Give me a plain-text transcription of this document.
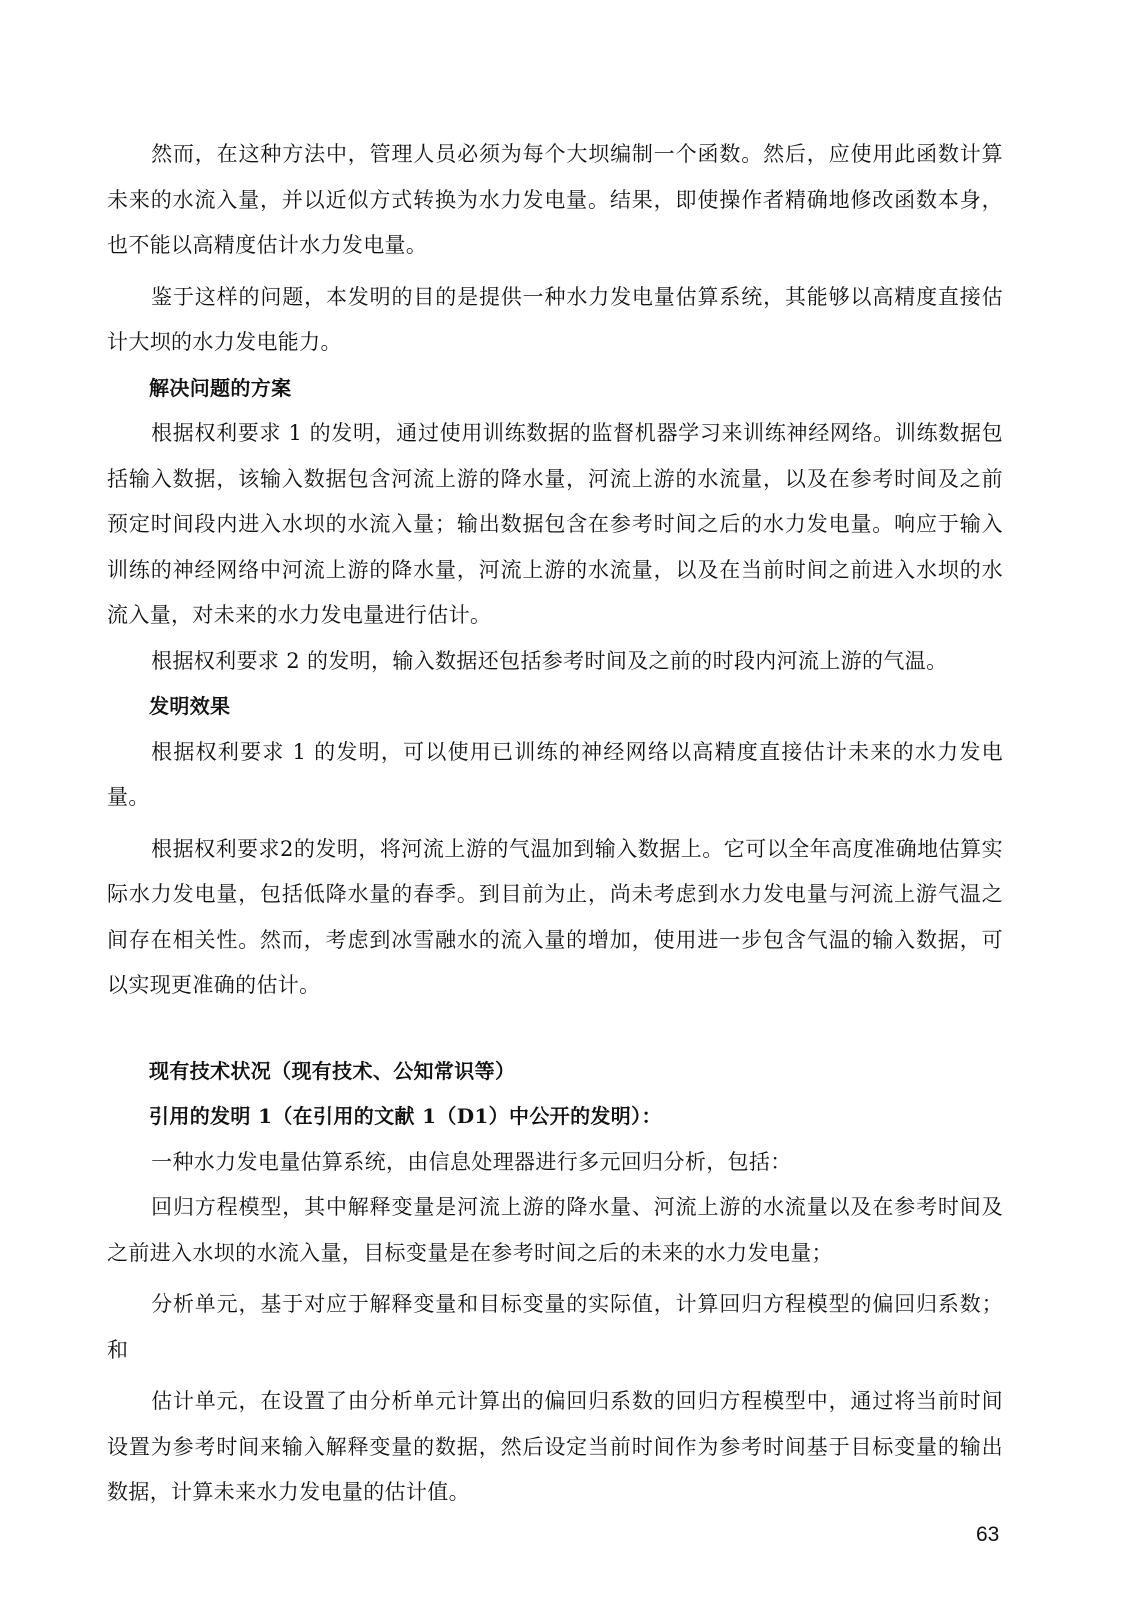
然而，在这种方法中，管理人员必须为每个大坝编制一个函数。然后，应使用此函数计算未来的水流入量，并以近似方式转换为水力发电量。结果，即使操作者精确地修改函数本身，也不能以高精度估计水力发电量。

鉴于这样的问题，本发明的目的是提供一种水力发电量估算系统，其能够以高精度直接估计大坝的水力发电能力。

解决问题的方案

根据权利要求 1 的发明，通过使用训练数据的监督机器学习来训练神经网络。训练数据包括输入数据，该输入数据包含河流上游的降水量，河流上游的水流量，以及在参考时间及之前预定时间段内进入水坝的水流入量；输出数据包含在参考时间之后的水力发电量。响应于输入训练的神经网络中河流上游的降水量，河流上游的水流量，以及在当前时间之前进入水坝的水流入量，对未来的水力发电量进行估计。

根据权利要求 2 的发明，输入数据还包括参考时间及之前的时段内河流上游的气温。

发明效果

根据权利要求 1 的发明，可以使用已训练的神经网络以高精度直接估计未来的水力发电量。

根据权利要求2的发明，将河流上游的气温加到输入数据上。它可以全年高度准确地估算实际水力发电量，包括低降水量的春季。到目前为止，尚未考虑到水力发电量与河流上游气温之间存在相关性。然而，考虑到冰雪融水的流入量的增加，使用进一步包含气温的输入数据，可以实现更准确的估计。

现有技术状况（现有技术、公知常识等）

引用的发明 1（在引用的文献 1（D1）中公开的发明）：

一种水力发电量估算系统，由信息处理器进行多元回归分析，包括：

回归方程模型，其中解释变量是河流上游的降水量、河流上游的水流量以及在参考时间及之前进入水坝的水流入量，目标变量是在参考时间之后的未来的水力发电量；

分析单元，基于对应于解释变量和目标变量的实际值，计算回归方程模型的偏回归系数；和

估计单元，在设置了由分析单元计算出的偏回归系数的回归方程模型中，通过将当前时间设置为参考时间来输入解释变量的数据，然后设定当前时间作为参考时间基于目标变量的输出数据，计算未来水力发电量的估计值。

63
